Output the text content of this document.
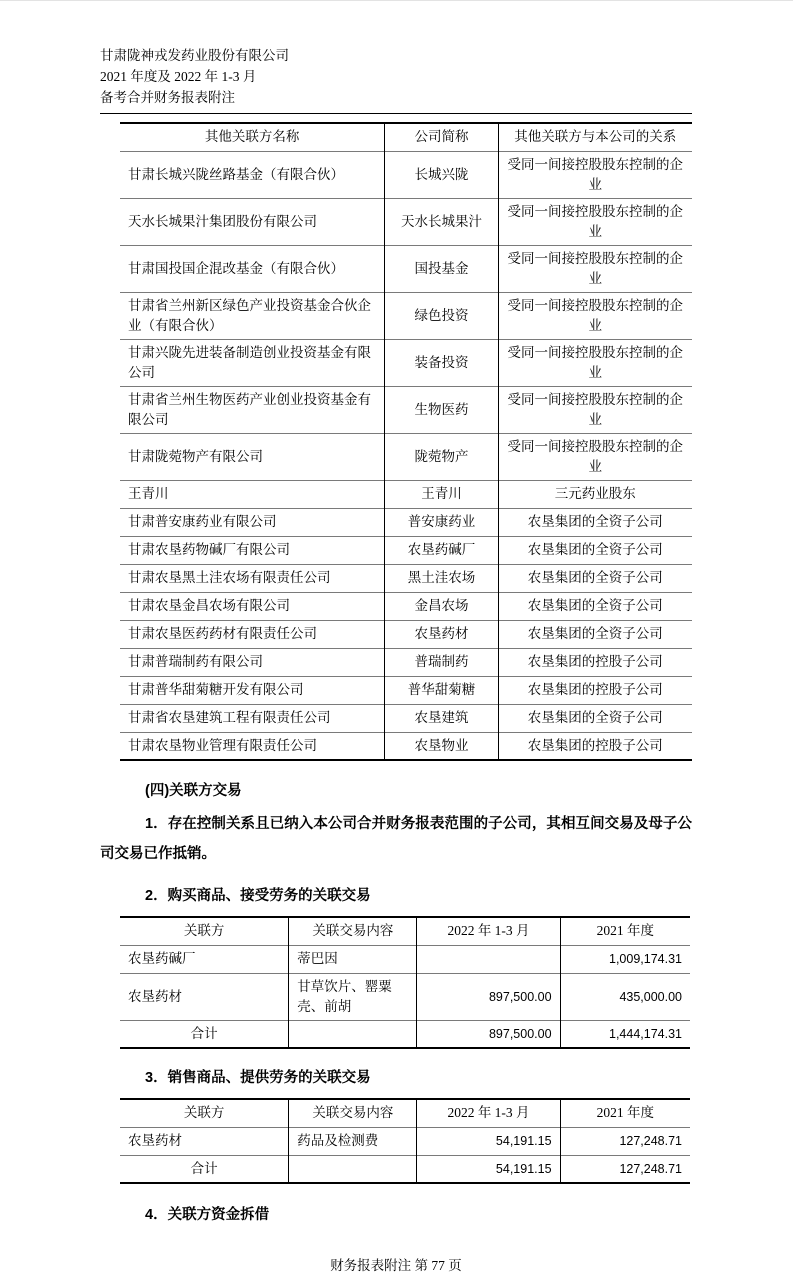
甘肃陇神戎发药业股份有限公司
2021 年度及 2022 年 1-3 月
备考合并财务报表附注
其他关联方名称	公司简称	其他关联方与本公司的关系
甘肃长城兴陇丝路基金（有限合伙）	长城兴陇	受同一间接控股股东控制的企业
天水长城果汁集团股份有限公司	天水长城果汁	受同一间接控股股东控制的企业
甘肃国投国企混改基金（有限合伙）	国投基金	受同一间接控股股东控制的企业
甘肃省兰州新区绿色产业投资基金合伙企业（有限合伙）	绿色投资	受同一间接控股股东控制的企业
甘肃兴陇先进装备制造创业投资基金有限公司	装备投资	受同一间接控股股东控制的企业
甘肃省兰州生物医药产业创业投资基金有限公司	生物医药	受同一间接控股股东控制的企业
甘肃陇菀物产有限公司	陇菀物产	受同一间接控股股东控制的企业
王青川	王青川	三元药业股东
甘肃普安康药业有限公司	普安康药业	农垦集团的全资子公司
甘肃农垦药物碱厂有限公司	农垦药碱厂	农垦集团的全资子公司
甘肃农垦黑土洼农场有限责任公司	黑土洼农场	农垦集团的全资子公司
甘肃农垦金昌农场有限公司	金昌农场	农垦集团的全资子公司
甘肃农垦医药药材有限责任公司	农垦药材	农垦集团的全资子公司
甘肃普瑞制药有限公司	普瑞制药	农垦集团的控股子公司
甘肃普华甜菊糖开发有限公司	普华甜菊糖	农垦集团的控股子公司
甘肃省农垦建筑工程有限责任公司	农垦建筑	农垦集团的全资子公司
甘肃农垦物业管理有限责任公司	农垦物业	农垦集团的控股子公司
(四)关联方交易
1．存在控制关系且已纳入本公司合并财务报表范围的子公司，其相互间交易及母子公司交易已作抵销。
2．购买商品、接受劳务的关联交易
关联方	关联交易内容	2022 年 1-3 月	2021 年度
农垦药碱厂	蒂巴因		1,009,174.31
农垦药材	甘草饮片、罂粟壳、前胡	897,500.00	435,000.00
合计		897,500.00	1,444,174.31
3．销售商品、提供劳务的关联交易
关联方	关联交易内容	2022 年 1-3 月	2021 年度
农垦药材	药品及检测费	54,191.15	127,248.71
合计		54,191.15	127,248.71
4．关联方资金拆借
财务报表附注 第 77 页
